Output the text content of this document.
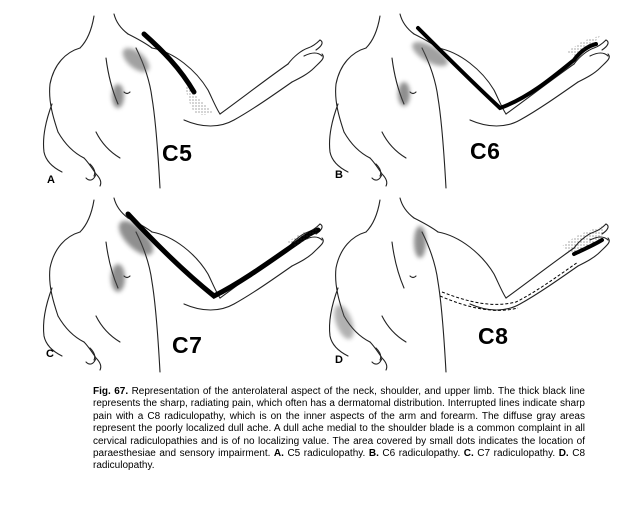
C5
A
C6
B
C7
C
C8
D

Fig. 67. Representation of the anterolateral aspect of the neck, shoulder, and upper limb. The thick black line represents the sharp, radiating pain, which often has a dermatomal distribution. Interrupted lines indicate sharp pain with a C8 radiculopathy, which is on the inner aspects of the arm and forearm. The diffuse gray areas represent the poorly localized dull ache. A dull ache medial to the shoulder blade is a common complaint in all cervical radiculopathies and is of no localizing value. The area covered by small dots indicates the location of paraesthesiae and sensory impairment. A. C5 radiculopathy. B. C6 radiculopathy. C. C7 radiculopathy. D. C8 radiculopathy.
